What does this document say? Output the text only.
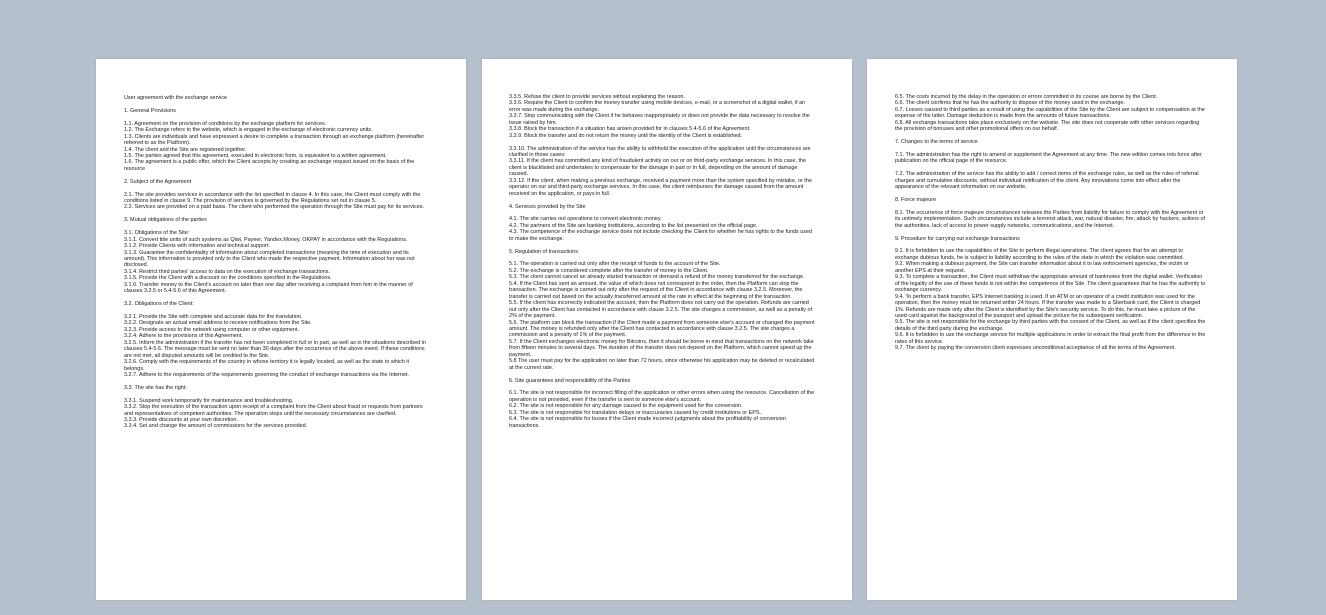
User agreement with the exchange service
1. General Provisions
1.1. Agreement on the provision of conditions by the exchange platform for services.
1.2. The Exchange refers to the website, which is engaged in the exchange of electronic currency units.
1.3. Clients are individuals and have expressed a desire to complete a transaction through an exchange platform (hereinafter referred to as the Platform).
1.4. The client and the Site are registered together.
1.5. The parties agreed that this agreement, executed in electronic form, is equivalent to a written agreement.
1.6. The agreement is a public offer, which the Client accepts by creating an exchange request issued on the basis of the resource
2. Subject of the Agreement
2.1. The site provides services in accordance with the list specified in clause 4. In this case, the Client must comply with the conditions listed in clause 9. The provision of services is governed by the Regulations set out in clause 5.
2.2. Services are provided on a paid basis. The client who performed the operation through the Site must pay for its services.
3. Mutual obligations of the parties
3.1. Obligations of the Site:
3.1.1. Convert title units of such systems as Qiwi, Payeer, Yandex.Money, OKPAY in accordance with the Regulations.
3.1.2. Provide Clients with information and technical support.
3.1.3. Guarantee the confidentiality of information about completed transactions (meaning the time of execution and its amount). This information is provided only to the Client who made the respective payment. Information about her was not disclosed.
3.1.4. Restrict third parties' access to data on the execution of exchange transactions.
3.1.5. Provide the Client with a discount on the conditions specified in the Regulations.
3.1.6. Transfer money to the Client's account no later than one day after receiving a complaint from him in the manner of clauses 3.2.5 or 5.4-5.6 of this Agreement.
3.2. Obligations of the Client:
3.2.1. Provide the Site with complete and accurate data for the translation.
3.2.2. Designate an actual email address to receive notifications from the Site.
3.2.3. Provide access to the network using computer or other equipment.
3.2.4. Adhere to the provisions of this Agreement.
3.2.5. Inform the administration if the transfer has not been completed in full or in part, as well as in the situations described in clauses 5.4-5.6. The message must be sent no later than 30 days after the occurrence of the above event. If these conditions are not met, all disputed amounts will be credited to the Site.
3.2.6. Comply with the requirements of the country in whose territory it is legally located, as well as the state to which it belongs.
3.2.7. Adhere to the requirements of the requirements governing the conduct of exchange transactions via the Internet.
3.3. The site has the right:
3.3.1. Suspend work temporarily for maintenance and troubleshooting.
3.3.2. Stop the execution of the transaction upon receipt of a complaint from the Client about fraud or requests from partners and representatives of competent authorities. The operation stops until the necessary circumstances are clarified.
3.3.3. Provide discounts at your own discretion.
3.3.4. Set and change the amount of commissions for the services provided.
3.3.5. Refuse the client to provide services without explaining the reason.
3.3.6. Require the Client to confirm the money transfer using mobile devices, e-mail, or a screenshot of a digital wallet, if an error was made during the exchange.
3.3.7. Stop communicating with the Client if he behaves inappropriately or does not provide the data necessary to resolve the issue raised by him.
3.3.8. Block the transaction if a situation has arisen provided for in clauses 5.4-5.6 of the Agreement.
3.3.9. Block the transfer and do not return the money until the identity of the Client is established.
3.3.10. The administration of the service has the ability to withhold the execution of the application until the circumstances are clarified in those cases:
3.3.11. If the client has committed any kind of fraudulent activity on our or on third-party exchange services. In this case, the client is blacklisted and undertakes to compensate for the damage in part or in full, depending on the amount of damage caused.
3.3.12. If the client, when making a previous exchange, received a payment more than the system specified by mistake, or the operator on our and third-party exchange services. In this case, the client reimburses the damage caused from the amount received on the application, or pays in full.
4. Services provided by the Site
4.1. The site carries out operations to convert electronic money.
4.2. The partners of the Site are banking institutions, according to the list presented on the official page.
4.3. The competence of the exchange service does not include checking the Client for whether he has rights to the funds used to make the exchange.
5. Regulation of transactions
5.1. The operation is carried out only after the receipt of funds to the account of the Site.
5.2. The exchange is considered complete after the transfer of money to the Client.
5.3. The client cannot cancel an already started transaction or demand a refund of the money transferred for the exchange.
5.4. If the Client has sent an amount, the value of which does not correspond to the order, then the Platform can stop the transaction. The exchange is carried out only after the request of the Client in accordance with clause 3.2.5. Moreover, the transfer is carried out based on the actually transferred amount at the rate in effect at the beginning of the transaction.
5.5. If the client has incorrectly indicated the account, then the Platform does not carry out the operation. Refunds are carried out only after the Client has contacted in accordance with clause 3.2.5. The site charges a commission, as well as a penalty of 2% of the payment.
5.6. The platform can block the transaction if the Client made a payment from someone else's account or changed the payment amount. The money is refunded only after the Client has contacted in accordance with clause 3.2.5. The site charges a commission and a penalty of 1% of the payment.
5.7. If the Client exchanges electronic money for Bitcoins, then it should be borne in mind that transactions on the network take from fifteen minutes to several days. The duration of the transfer does not depend on the Platform, which cannot speed up the payment.
5.8 The user must pay for the application no later than 72 hours, since otherwise his application may be deleted or recalculated at the current rate.
6. Site guarantees and responsibility of the Parties
6.1. The site is not responsible for incorrect filling of the application or other errors when using the resource. Cancellation of the operation is not provided, even if the transfer is sent to someone else's account.
6.2. The site is not responsible for any damage caused to the equipment used for the conversion.
6.3. The site is not responsible for translation delays or inaccuracies caused by credit institutions or EPS.
6.4. The site is not responsible for losses if the Client made incorrect judgments about the profitability of conversion transactions.
6.5. The costs incurred by the delay in the operation or errors committed in its course are borne by the Client.
6.6. The client confirms that he has the authority to dispose of the money used in the exchange.
6.7. Losses caused to third parties as a result of using the capabilities of the Site by the Client are subject to compensation at the expense of the latter. Damage deduction is made from the amounts of future transactions.
6.8. All exchange transactions take place exclusively on the website. The site does not cooperate with other services regarding the provision of bonuses and other promotional offers on our behalf.
7. Changes to the terms of service
7.1. The administration has the right to amend or supplement the Agreement at any time. The new edition comes into force after publication on the official page of the resource.
7.2. The administration of the service has the ability to add / correct items of the exchange rules, as well as the rules of referral charges and cumulative discounts, without individual notification of the client. Any innovations come into effect after the appearance of the relevant information on our website.
8. Force majeure
8.1. The occurrence of force majeure circumstances releases the Parties from liability for failure to comply with the Agreement or its untimely implementation. Such circumstances include a terrorist attack, war, natural disaster, fire, attack by hackers, actions of the authorities, lack of access to power supply networks, communications, and the Internet.
9. Procedure for carrying out exchange transactions
9.1. It is forbidden to use the capabilities of the Site to perform illegal operations. The client agrees that for an attempt to exchange dubious funds, he is subject to liability according to the rules of the state in which the violation was committed.
9.2. When making a dubious payment, the Site can transfer information about it to law enforcement agencies, the victim or another EPS at their request.
9.3. To complete a transaction, the Client must withdraw the appropriate amount of banknotes from the digital wallet. Verification of the legality of the use of these funds is not within the competence of the Site. The client guarantees that he has the authority to exchange currency.
9.4. To perform a bank transfer, EPS Internet banking is used. If an ATM or an operator of a credit institution was used for the operation, then the money must be returned within 24 hours. If the transfer was made to a Sberbank card, the Client is charged 1%. Refunds are made only after the Client is identified by the Site's security service. To do this, he must take a picture of the used card against the background of the passport and upload the picture for its subsequent verification.
9.5. The site is not responsible for the exchange by third parties with the consent of the Client, as well as if the client specifies the details of the third party during the exchange.
9.6. It is forbidden to use the exchange service for multiple applications in order to extract the final profit from the difference in the rates of this service.
9.7. The client by paying the conversion client expresses unconditional acceptance of all the terms of the Agreement.
